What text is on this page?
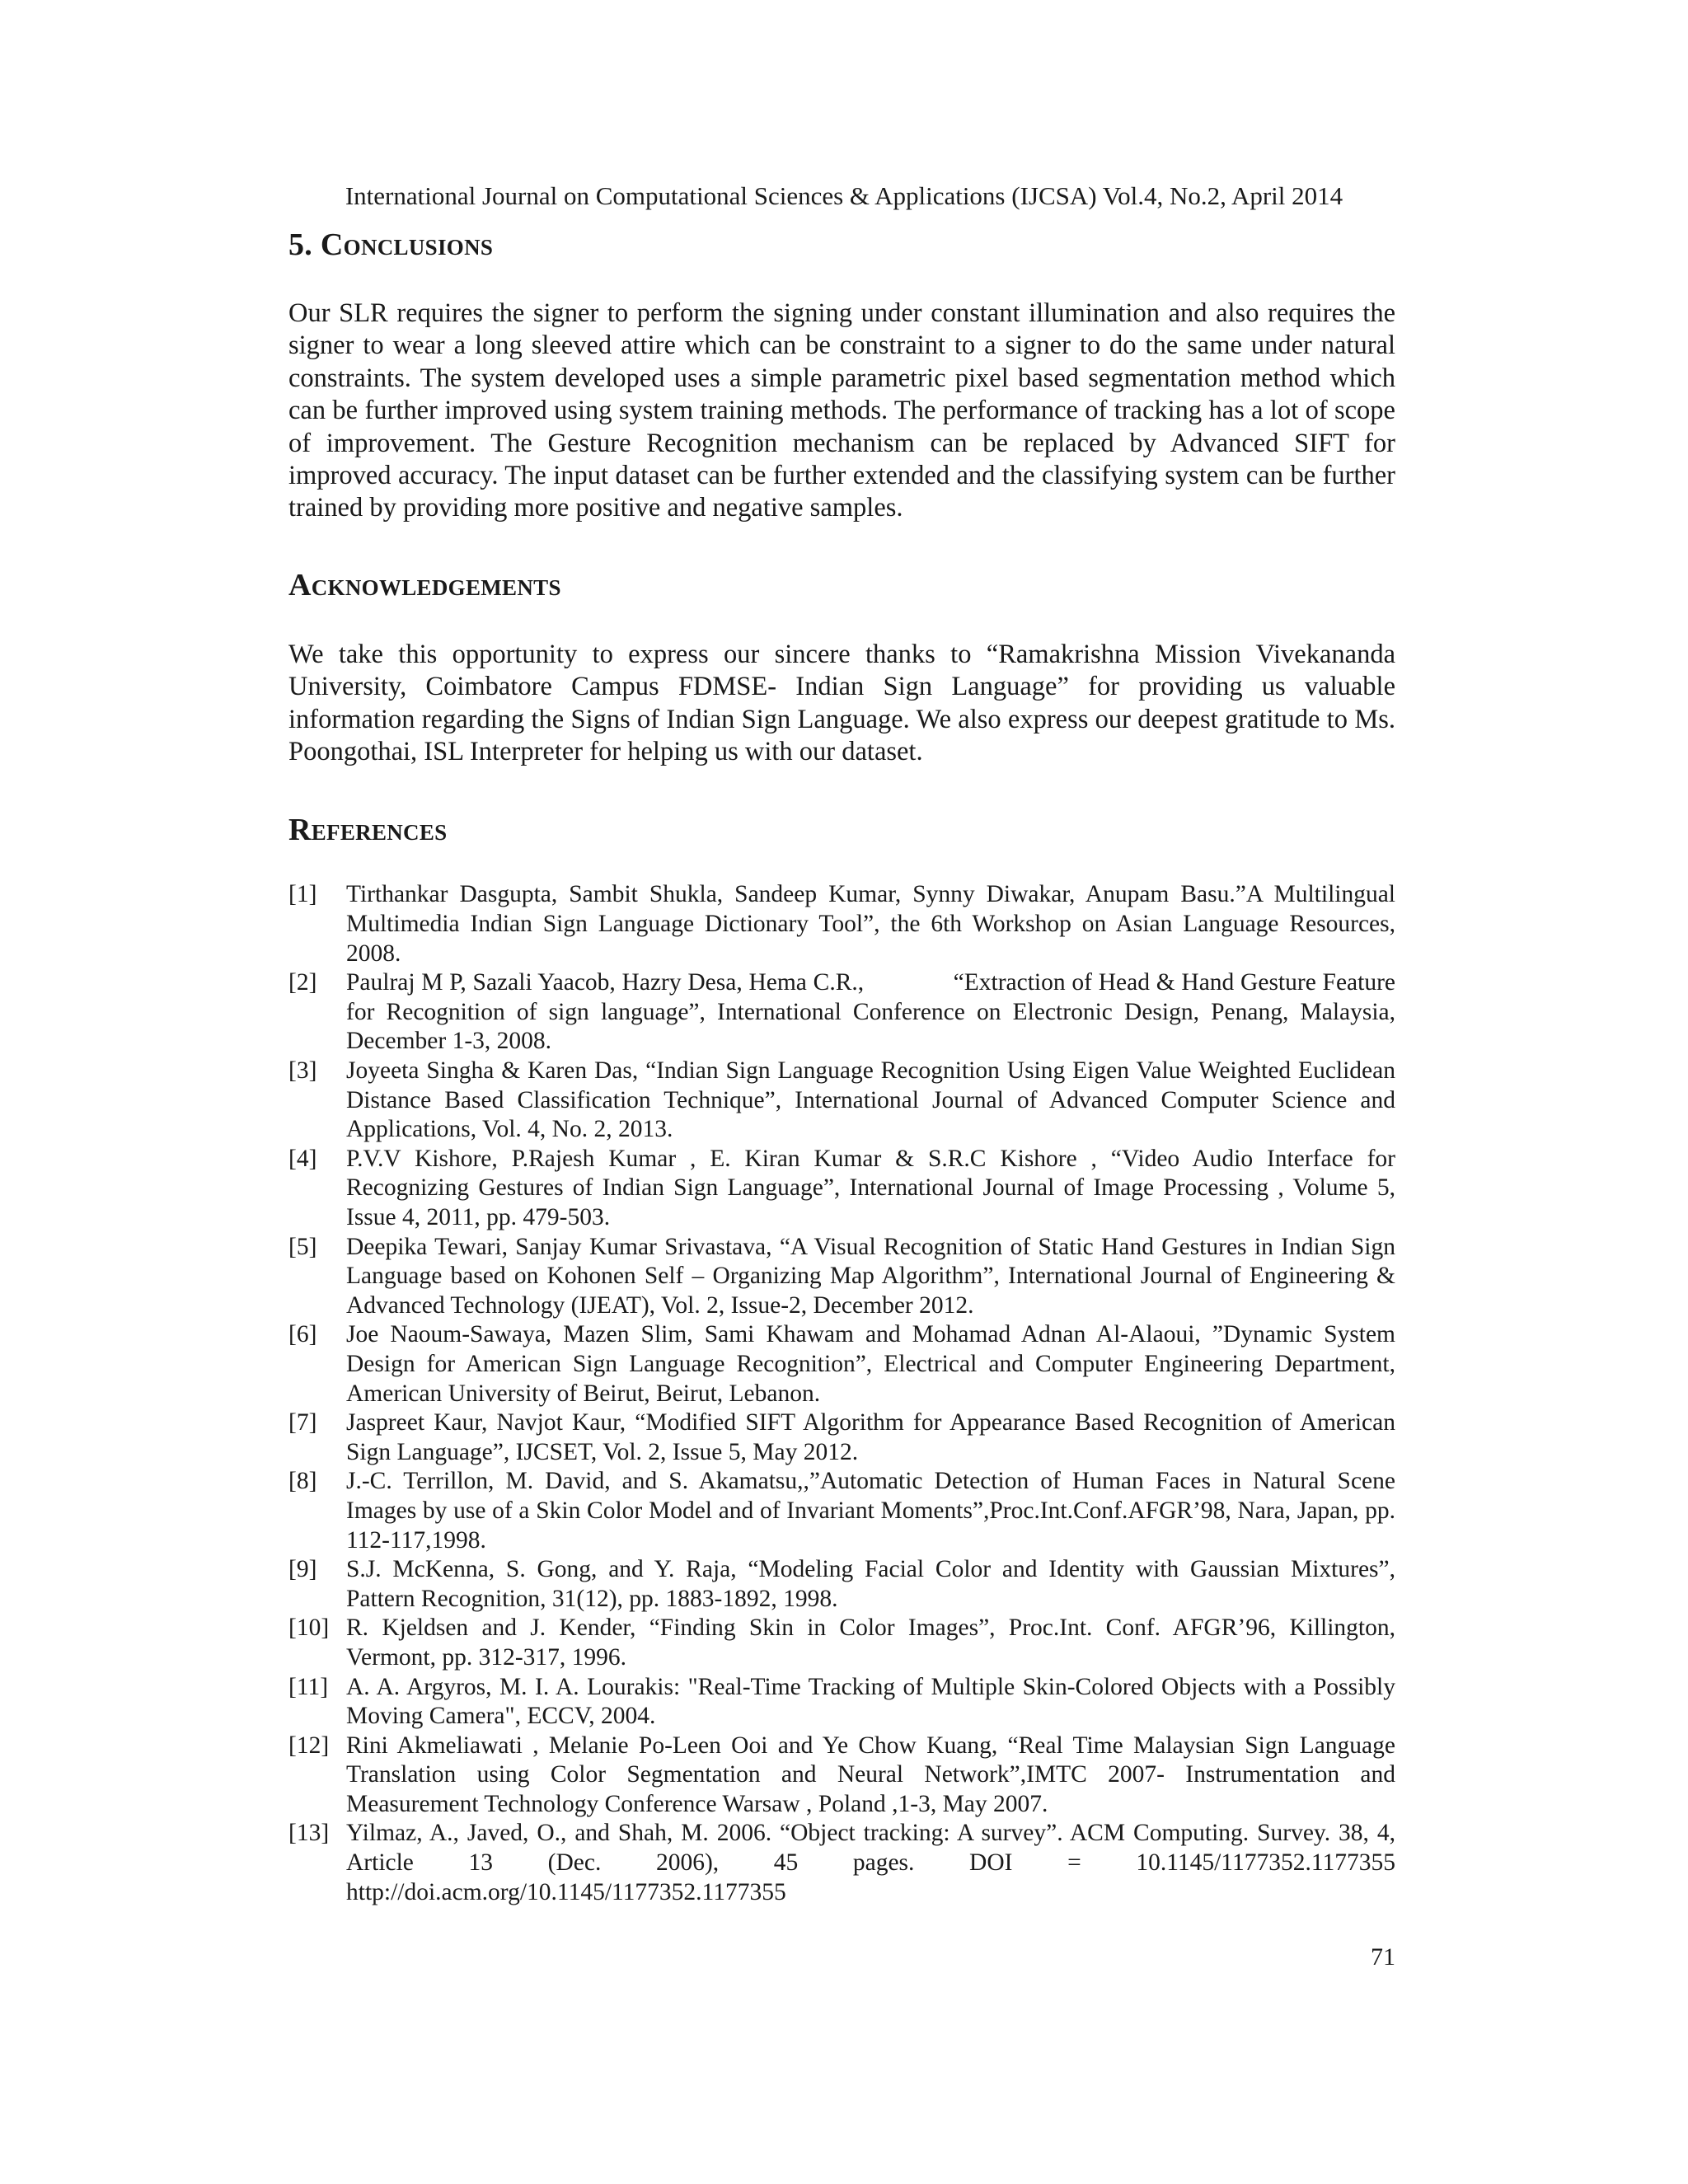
International Journal on Computational Sciences & Applications (IJCSA) Vol.4, No.2, April 2014
5. Conclusions

Our SLR requires the signer to perform the signing under constant illumination and also requires the signer to wear a long sleeved attire which can be constraint to a signer to do the same under natural constraints. The system developed uses a simple parametric pixel based segmentation method which can be further improved using system training methods. The performance of tracking has a lot of scope of improvement. The Gesture Recognition mechanism can be replaced by Advanced SIFT for improved accuracy. The input dataset can be further extended and the classifying system can be further trained by providing more positive and negative samples.

Acknowledgements

We take this opportunity to express our sincere thanks to “Ramakrishna Mission Vivekananda University, Coimbatore Campus FDMSE- Indian Sign Language” for providing us valuable information regarding the Signs of Indian Sign Language. We also express our deepest gratitude to Ms. Poongothai, ISL Interpreter for helping us with our dataset.

References
[1] Tirthankar Dasgupta, Sambit Shukla, Sandeep Kumar, Synny Diwakar, Anupam Basu.”A Multilingual Multimedia Indian Sign Language Dictionary Tool”, the 6th Workshop on Asian Language Resources, 2008.
[2] Paulraj M P, Sazali Yaacob, Hazry Desa, Hema C.R.,              “Extraction of Head & Hand Gesture Feature for Recognition of sign language”, International Conference on Electronic Design, Penang, Malaysia, December 1-3, 2008.
[3] Joyeeta Singha & Karen Das, “Indian Sign Language Recognition Using Eigen Value Weighted Euclidean Distance Based Classification Technique”, International Journal of Advanced Computer Science and Applications, Vol. 4, No. 2, 2013.
[4] P.V.V Kishore, P.Rajesh Kumar , E. Kiran Kumar & S.R.C Kishore , “Video Audio Interface for Recognizing Gestures of Indian Sign Language”, International Journal of Image Processing , Volume 5, Issue 4, 2011, pp. 479-503.
[5] Deepika Tewari, Sanjay Kumar Srivastava, “A Visual Recognition of Static Hand Gestures in Indian Sign Language based on Kohonen Self – Organizing Map Algorithm”, International Journal of Engineering & Advanced Technology (IJEAT), Vol. 2, Issue-2, December 2012.
[6] Joe Naoum-Sawaya, Mazen Slim, Sami Khawam and Mohamad Adnan Al-Alaoui, ”Dynamic System Design for American Sign Language Recognition”, Electrical and Computer Engineering Department, American University of Beirut, Beirut, Lebanon.
[7] Jaspreet Kaur, Navjot Kaur, “Modified SIFT Algorithm for Appearance Based Recognition of American Sign Language”, IJCSET, Vol. 2, Issue 5, May 2012.
[8] J.-C. Terrillon, M. David, and S. Akamatsu,,”Automatic Detection of Human Faces in Natural Scene Images by use of a Skin Color Model and of Invariant Moments”,Proc.Int.Conf.AFGR’98, Nara, Japan, pp. 112-117,1998.
[9] S.J. McKenna, S. Gong, and Y. Raja, “Modeling Facial Color and Identity with Gaussian Mixtures”, Pattern Recognition, 31(12), pp. 1883-1892, 1998.
[10] R. Kjeldsen and J. Kender, “Finding Skin in Color Images”, Proc.Int. Conf. AFGR’96, Killington, Vermont, pp. 312-317, 1996.
[11] A. A. Argyros, M. I. A. Lourakis: "Real-Time Tracking of Multiple Skin-Colored Objects with a Possibly Moving Camera", ECCV, 2004.
[12] Rini Akmeliawati , Melanie Po-Leen Ooi and Ye Chow Kuang, “Real Time Malaysian Sign Language Translation using Color Segmentation and Neural Network”,IMTC 2007- Instrumentation and Measurement Technology Conference Warsaw , Poland ,1-3, May 2007.
[13] Yilmaz, A., Javed, O., and Shah, M. 2006. “Object tracking: A survey”. ACM Computing. Survey. 38, 4, Article 13 (Dec. 2006), 45 pages. DOI = 10.1145/1177352.1177355 http://doi.acm.org/10.1145/1177352.1177355
71
